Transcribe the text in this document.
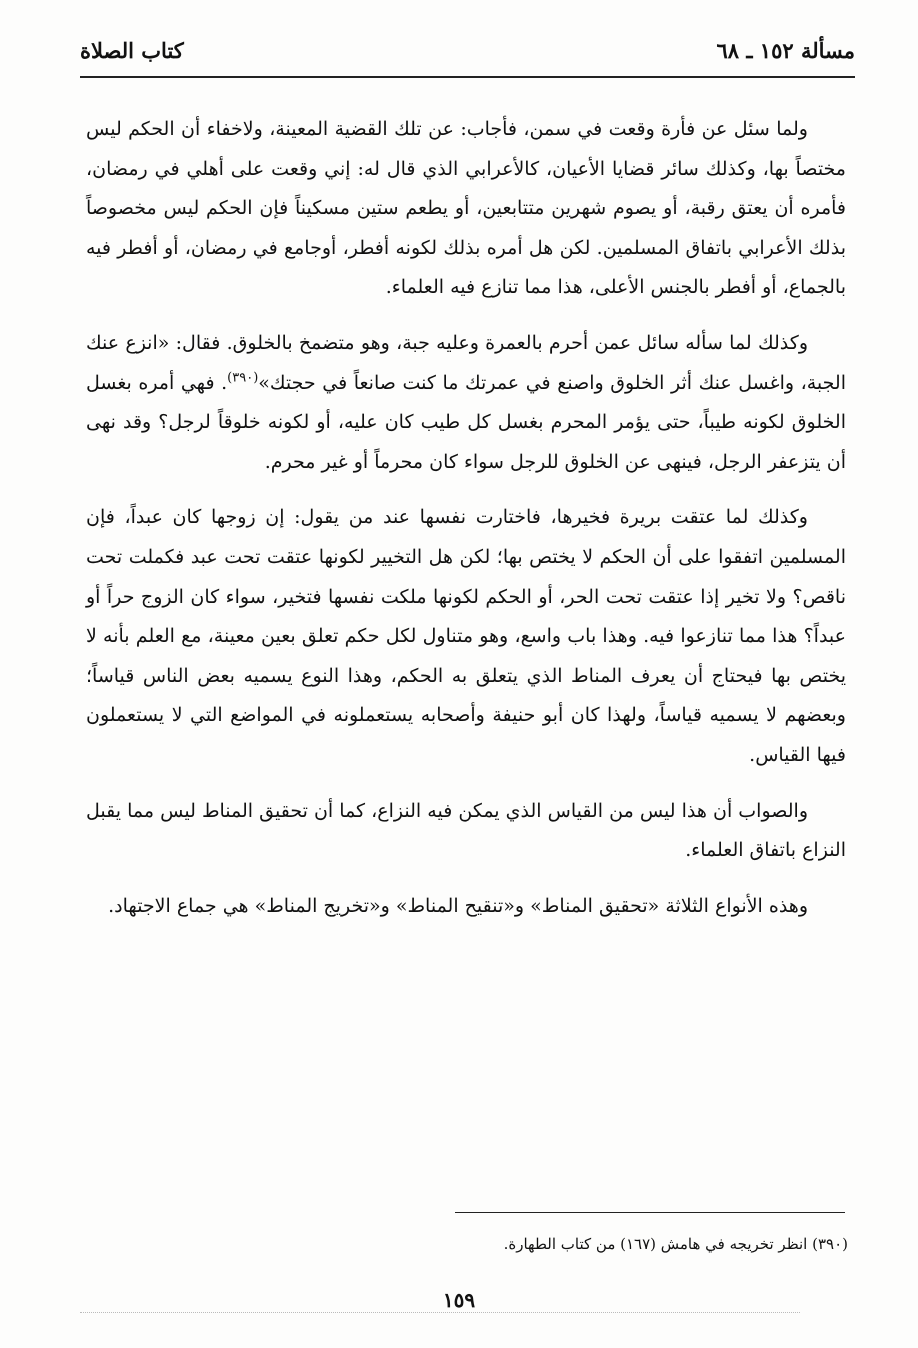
مسألة ١٥٢ ـ ٦٨
كتاب الصلاة

ولما سئل عن فأرة وقعت في سمن، فأجاب: عن تلك القضية المعينة، ولاخفاء أن الحكم ليس مختصاً بها، وكذلك سائر قضايا الأعيان، كالأعرابي الذي قال له: إني وقعت على أهلي في رمضان، فأمره أن يعتق رقبة، أو يصوم شهرين متتابعين، أو يطعم ستين مسكيناً فإن الحكم ليس مخصوصاً بذلك الأعرابي باتفاق المسلمين. لكن هل أمره بذلك لكونه أفطر، أوجامع في رمضان، أو أفطر فيه بالجماع، أو أفطر بالجنس الأعلى، هذا مما تنازع فيه العلماء.

وكذلك لما سأله سائل عمن أحرم بالعمرة وعليه جبة، وهو متضمخ بالخلوق. فقال: «انزع عنك الجبة، واغسل عنك أثر الخلوق واصنع في عمرتك ما كنت صانعاً في حجتك»$^{(٣٩٠)}$. فهي أمره بغسل الخلوق لكونه طيباً، حتى يؤمر المحرم بغسل كل طيب كان عليه، أو لكونه خلوقاً لرجل؟ وقد نهى أن يتزعفر الرجل، فينهى عن الخلوق للرجل سواء كان محرماً أو غير محرم.

وكذلك لما عتقت بريرة فخيرها، فاختارت نفسها عند من يقول: إن زوجها كان عبداً، فإن المسلمين اتفقوا على أن الحكم لا يختص بها؛ لكن هل التخيير لكونها عتقت تحت عبد فكملت تحت ناقص؟ ولا تخير إذا عتقت تحت الحر، أو الحكم لكونها ملكت نفسها فتخير، سواء كان الزوج حراً أو عبداً؟ هذا مما تنازعوا فيه. وهذا باب واسع، وهو متناول لكل حكم تعلق بعين معينة، مع العلم بأنه لا يختص بها فيحتاج أن يعرف المناط الذي يتعلق به الحكم، وهذا النوع يسميه بعض الناس قياساً؛ وبعضهم لا يسميه قياساً، ولهذا كان أبو حنيفة وأصحابه يستعملونه في المواضع التي لا يستعملون فيها القياس.

والصواب أن هذا ليس من القياس الذي يمكن فيه النزاع، كما أن تحقيق المناط ليس مما يقبل النزاع باتفاق العلماء.

وهذه الأنواع الثلاثة «تحقيق المناط» و«تنقيح المناط» و«تخريج المناط» هي جماع الاجتهاد.

(٣٩٠) انظر تخريجه في هامش (١٦٧) من كتاب الطهارة.
١٥٩
